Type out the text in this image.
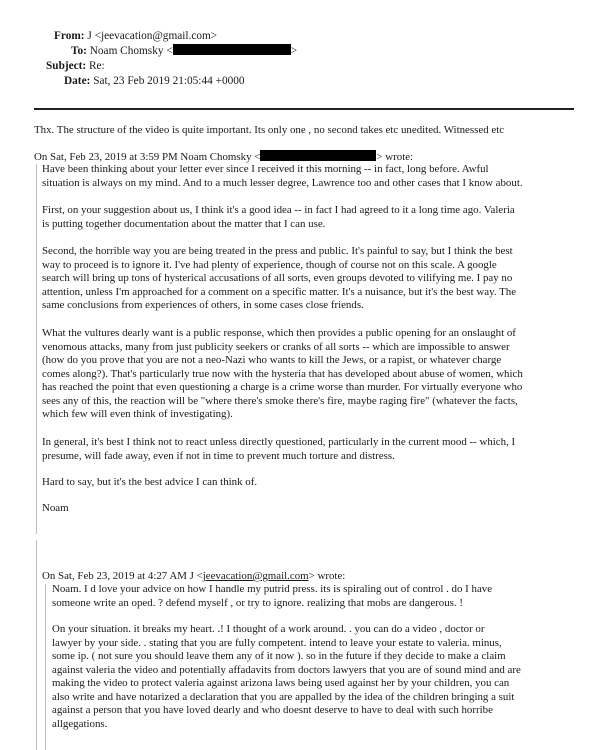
From: J <jeevacation@gmail.com>
To: Noam Chomsky <	>
Subject: Re:
Date: Sat, 23 Feb 2019 21:05:44 +0000
Thx. The structure of the video is quite important. Its only one , no second takes etc unedited. Witnessed etc
On Sat, Feb 23, 2019 at 3:59 PM Noam Chomsky <	> wrote:
Have been thinking about your letter ever since I received it this morning -- in fact, long before. Awful
situation is always on my mind. And to a much lesser degree, Lawrence too and other cases that I know about.
First, on your suggestion about us, I think it's a good idea -- in fact I had agreed to it a long time ago. Valeria
is putting together documentation about the matter that I can use.
Second, the horrible way you are being treated in the press and public. It's painful to say, but I think the best
way to proceed is to ignore it. I've had plenty of experience, though of course not on this scale. A google
search will bring up tons of hysterical accusations of all sorts, even groups devoted to vilifying me. I pay no
attention, unless I'm approached for a comment on a specific matter. It's a nuisance, but it's the best way. The
same conclusions from experiences of others, in some cases close friends.
What the vultures dearly want is a public response, which then provides a public opening for an onslaught of
venomous attacks, many from just publicity seekers or cranks of all sorts -- which are impossible to answer
(how do you prove that you are not a neo-Nazi who wants to kill the Jews, or a rapist, or whatever charge
comes along?). That's particularly true now with the hysteria that has developed about abuse of women, which
has reached the point that even questioning a charge is a crime worse than murder. For virtually everyone who
sees any of this, the reaction will be "where there's smoke there's fire, maybe raging fire" (whatever the facts,
which few will even think of investigating).
In general, it's best I think not to react unless directly questioned, particularly in the current mood -- which, I
presume, will fade away, even if not in time to prevent much torture and distress.
Hard to say, but it's the best advice I can think of.
Noam
On Sat, Feb 23, 2019 at 4:27 AM J <jeevacation@gmail.com> wrote:
Noam. I d love your advice on how I handle my putrid press. its is spiraling out of control . do I have
someone write an oped. ? defend myself , or try to ignore. realizing that mobs are dangerous. !
On your situation. it breaks my heart. .! I thought of a work around. . you can do a video , doctor or
lawyer by your side. . stating that you are fully competent. intend to leave your estate to valeria. minus,
some ip. ( not sure you should leave them any of it now ). so in the future if they decide to make a claim
against valeria the video and potentially affadavits from doctors lawyers that you are of sound mind and are
making the video to protect valeria against arizona laws being used against her by your children, you can
also write and have notarized a declaration that you are appalled by the idea of the children bringing a suit
against a person that you have loved dearly and who doesnt deserve to have to deal with such horribe
allgegations.
